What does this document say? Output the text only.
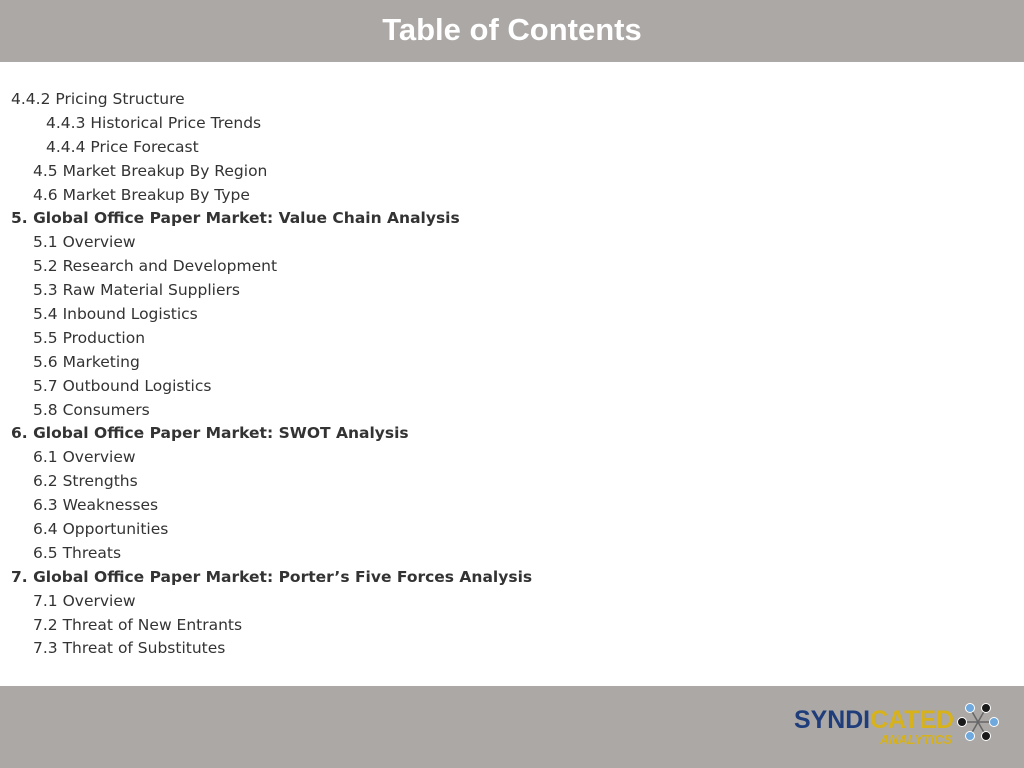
Table of Contents
4.4.2 Pricing Structure
4.4.3 Historical Price Trends
4.4.4 Price Forecast
4.5 Market Breakup By Region
4.6 Market Breakup By Type
5. Global Office Paper Market: Value Chain Analysis
5.1 Overview
5.2 Research and Development
5.3 Raw Material Suppliers
5.4 Inbound Logistics
5.5 Production
5.6 Marketing
5.7 Outbound Logistics
5.8 Consumers
6. Global Office Paper Market: SWOT Analysis
6.1 Overview
6.2 Strengths
6.3 Weaknesses
6.4 Opportunities
6.5 Threats
7. Global Office Paper Market: Porter’s Five Forces Analysis
7.1 Overview
7.2 Threat of New Entrants
7.3 Threat of Substitutes
SYNDICATED
ANALYTICS
